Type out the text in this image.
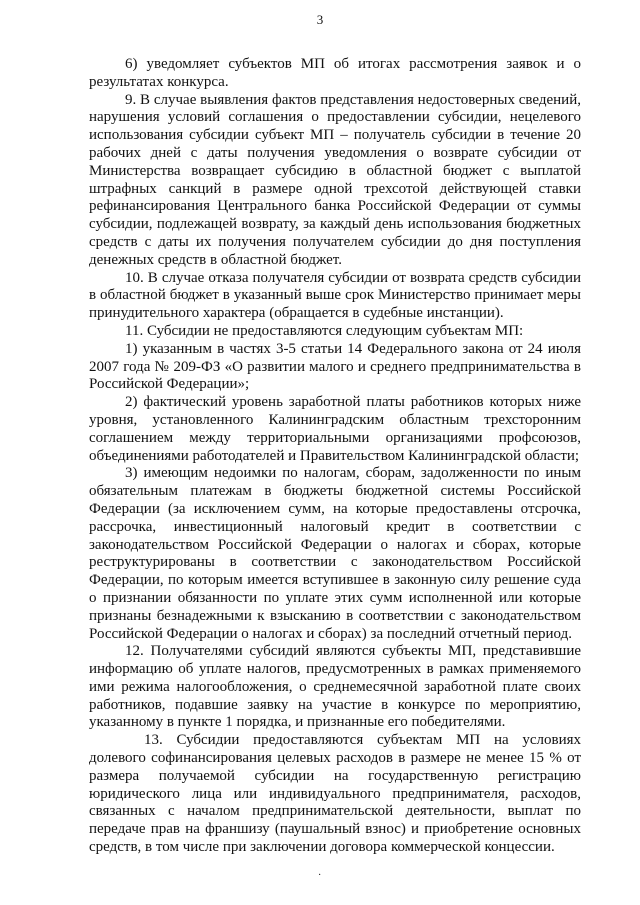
3

6) уведомляет субъектов МП об итогах рассмотрения заявок и о результатах конкурса.

9. В случае выявления фактов представления недостоверных сведений, нарушения условий соглашения о предоставлении субсидии, нецелевого использования субсидии субъект МП – получатель субсидии в течение 20 рабочих дней с даты получения уведомления о возврате субсидии от Министерства возвращает субсидию в областной бюджет с выплатой штрафных санкций в размере одной трехсотой действующей ставки рефинансирования Центрального банка Российской Федерации от суммы субсидии, подлежащей возврату, за каждый день использования бюджетных средств с даты их получения получателем субсидии до дня поступления денежных средств в областной бюджет.

10. В случае отказа получателя субсидии от возврата средств субсидии в областной бюджет в указанный выше срок Министерство принимает меры принудительного характера (обращается в судебные инстанции).

11. Субсидии не предоставляются следующим субъектам МП:

1) указанным в частях 3-5 статьи 14 Федерального закона от 24 июля 2007 года № 209-ФЗ «О развитии малого и среднего предпринимательства в Российской Федерации»;

2) фактический уровень заработной платы работников которых ниже уровня, установленного Калининградским областным трехсторонним соглашением между территориальными организациями профсоюзов, объединениями работодателей и Правительством Калининградской области;

3) имеющим недоимки по налогам, сборам, задолженности по иным обязательным платежам в бюджеты бюджетной системы Российской Федерации (за исключением сумм, на которые предоставлены отсрочка, рассрочка, инвестиционный налоговый кредит в соответствии с законодательством Российской Федерации о налогах и сборах, которые реструктурированы в соответствии с законодательством Российской Федерации, по которым имеется вступившее в законную силу решение суда о признании обязанности по уплате этих сумм исполненной или которые признаны безнадежными к взысканию в соответствии с законодательством Российской Федерации о налогах и сборах) за последний отчетный период.

12. Получателями субсидий являются субъекты МП, представившие информацию об уплате налогов, предусмотренных в рамках применяемого ими режима налогообложения, о среднемесячной заработной плате своих работников, подавшие заявку на участие в конкурсе по мероприятию, указанному в пункте 1 порядка, и признанные его победителями.

13. Субсидии предоставляются субъектам МП на условиях долевого софинансирования целевых расходов в размере не менее 15 % от размера получаемой субсидии на государственную регистрацию юридического лица или индивидуального предпринимателя, расходов, связанных с началом предпринимательской деятельности, выплат по передаче прав на франшизу (паушальный взнос) и приобретение основных средств, в том числе при заключении договора коммерческой концессии.

·
